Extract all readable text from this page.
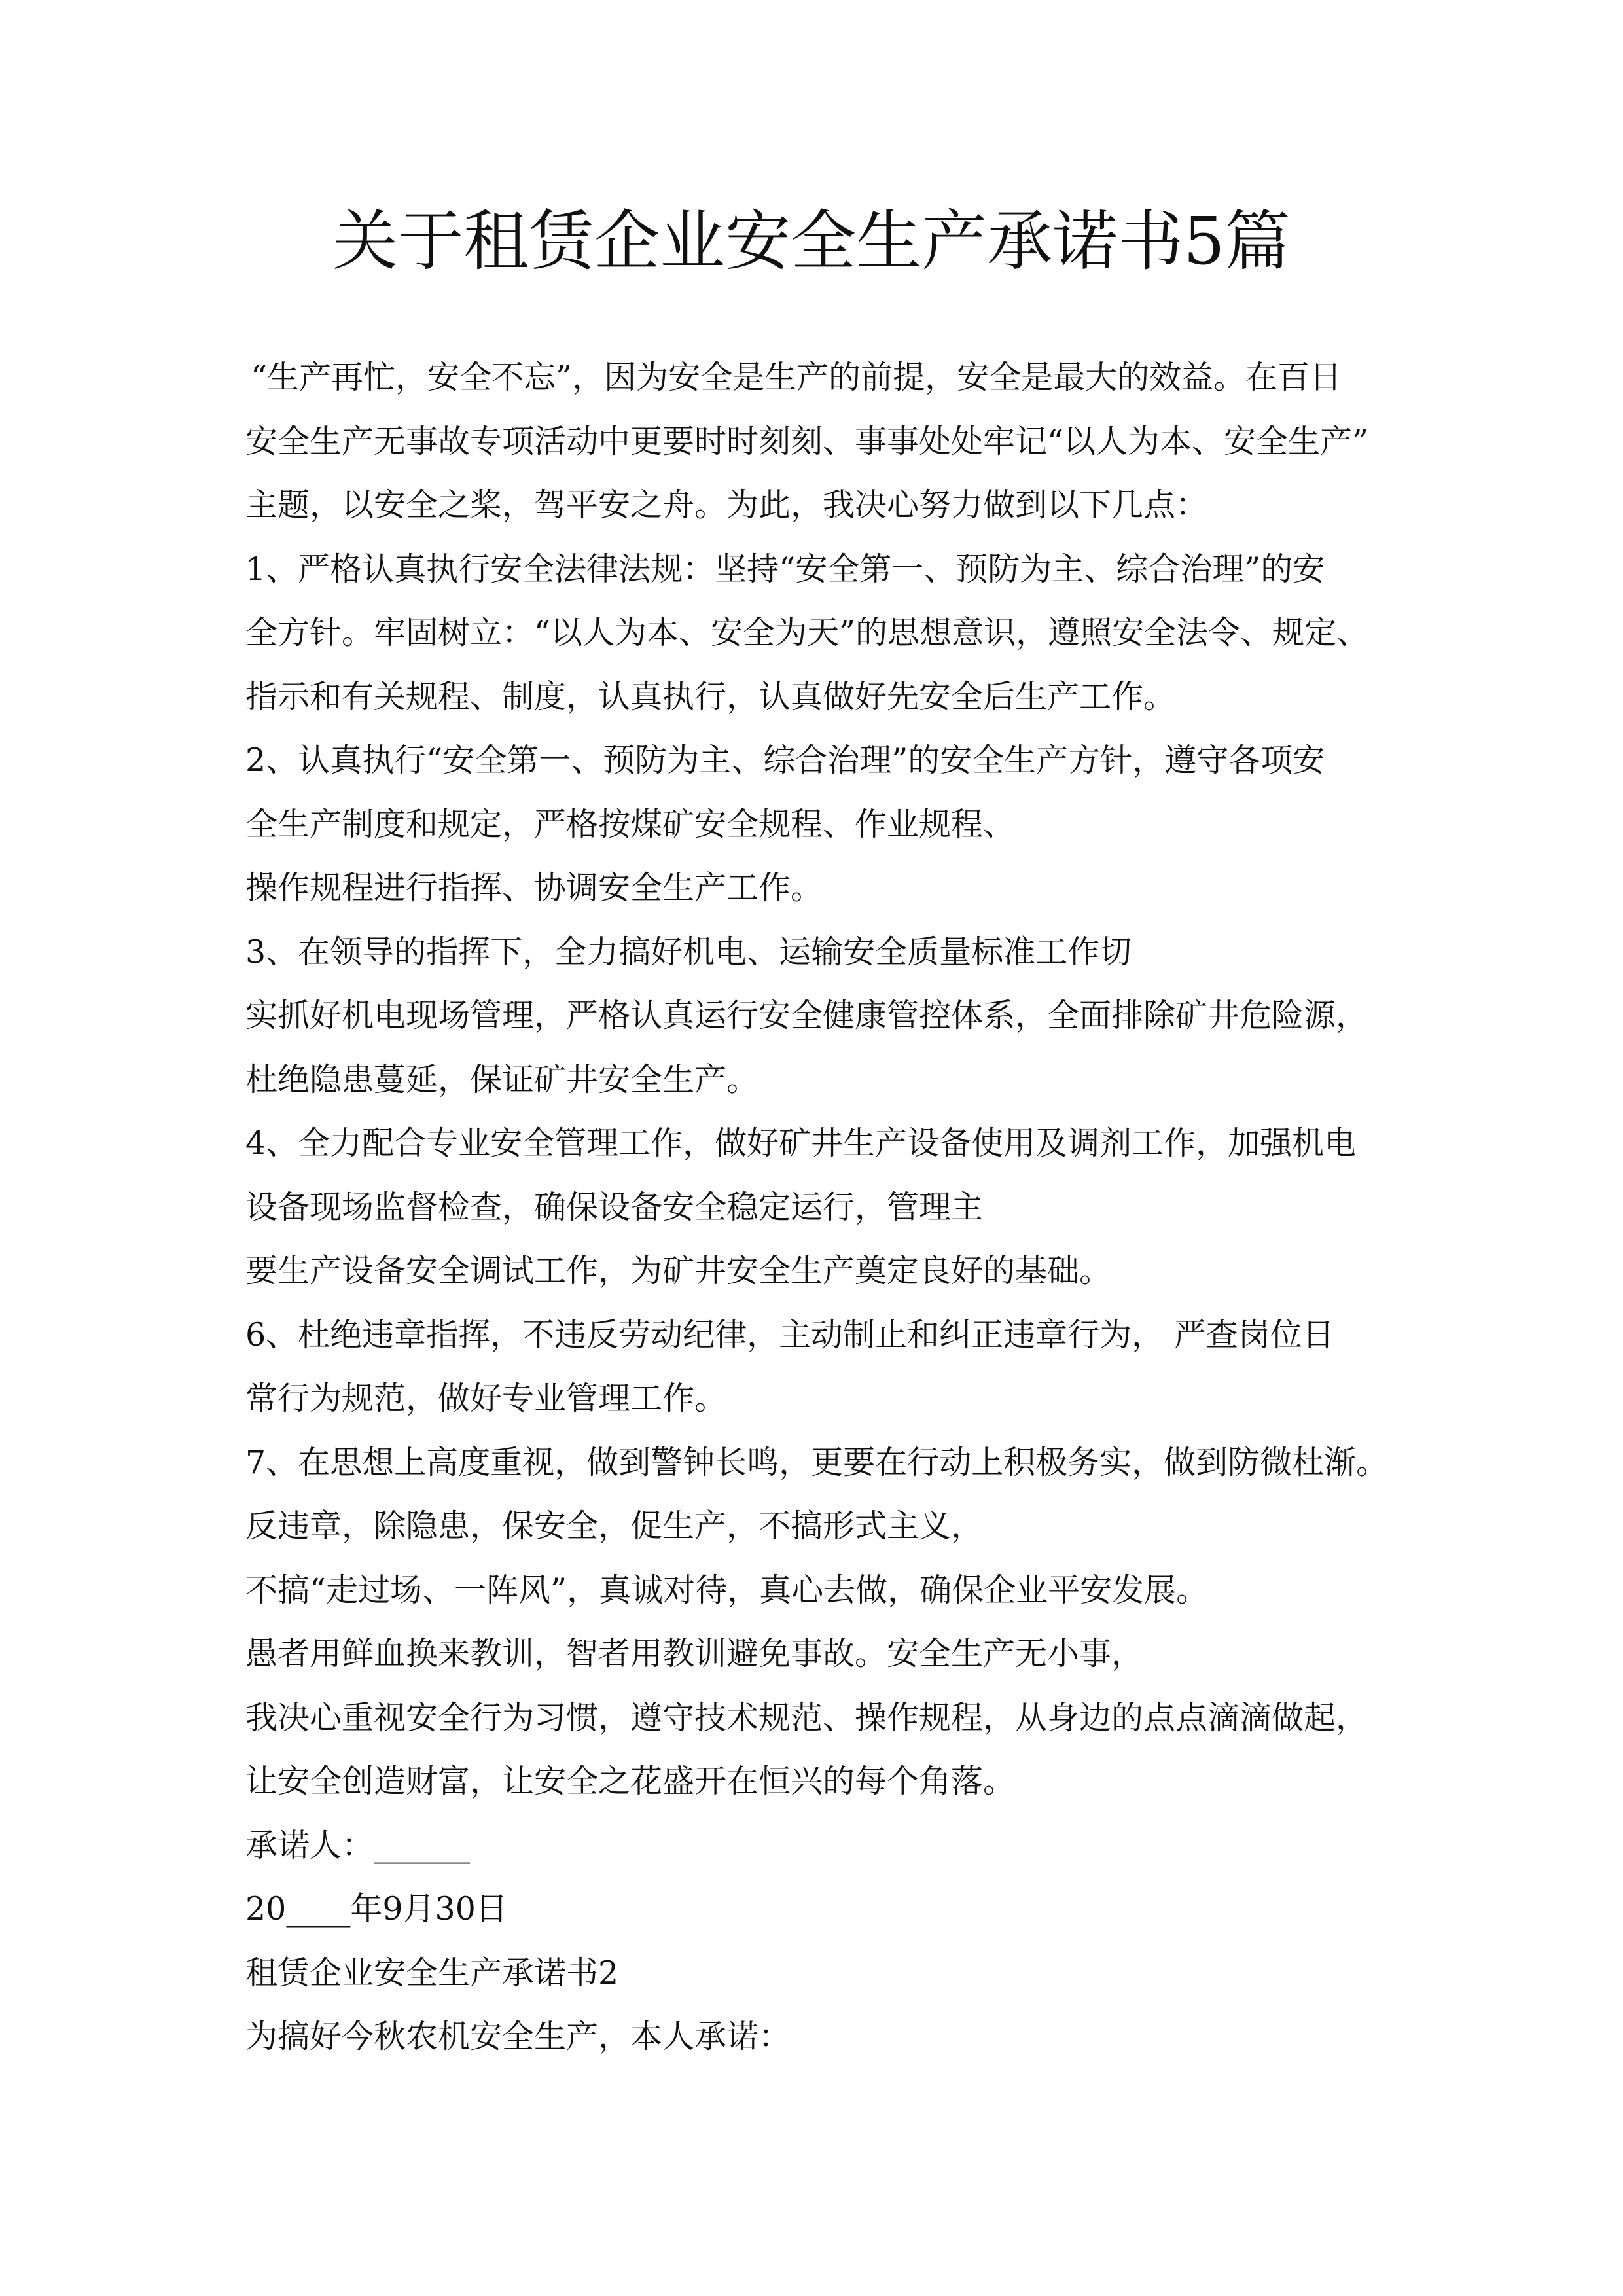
关于租赁企业安全生产承诺书5篇
“生产再忙，安全不忘”，因为安全是生产的前提，安全是最大的效益。在百日
安全生产无事故专项活动中更要时时刻刻、事事处处牢记“以人为本、安全生产”
主题，以安全之桨，驾平安之舟。为此，我决心努力做到以下几点：
1、严格认真执行安全法律法规：坚持“安全第一、预防为主、综合治理”的安
全方针。牢固树立：“以人为本、安全为天”的思想意识，遵照安全法令、规定、
指示和有关规程、制度，认真执行，认真做好先安全后生产工作。
2、认真执行“安全第一、预防为主、综合治理”的安全生产方针，遵守各项安
全生产制度和规定，严格按煤矿安全规程、作业规程、
操作规程进行指挥、协调安全生产工作。
3、在领导的指挥下，全力搞好机电、运输安全质量标准工作切
实抓好机电现场管理，严格认真运行安全健康管控体系，全面排除矿井危险源，
杜绝隐患蔓延，保证矿井安全生产。
4、全力配合专业安全管理工作，做好矿井生产设备使用及调剂工作，加强机电
设备现场监督检查，确保设备安全稳定运行，管理主
要生产设备安全调试工作，为矿井安全生产奠定良好的基础。
6、杜绝违章指挥，不违反劳动纪律，主动制止和纠正违章行为， 严查岗位日
常行为规范，做好专业管理工作。
7、在思想上高度重视，做到警钟长鸣，更要在行动上积极务实，做到防微杜渐。
反违章，除隐患，保安全，促生产，不搞形式主义，
不搞“走过场、一阵风”，真诚对待，真心去做，确保企业平安发展。
愚者用鲜血换来教训，智者用教训避免事故。安全生产无小事，
我决心重视安全行为习惯，遵守技术规范、操作规程，从身边的点点滴滴做起，
让安全创造财富，让安全之花盛开在恒兴的每个角落。
承诺人：______
20____年9月30日
租赁企业安全生产承诺书2
为搞好今秋农机安全生产，本人承诺：
